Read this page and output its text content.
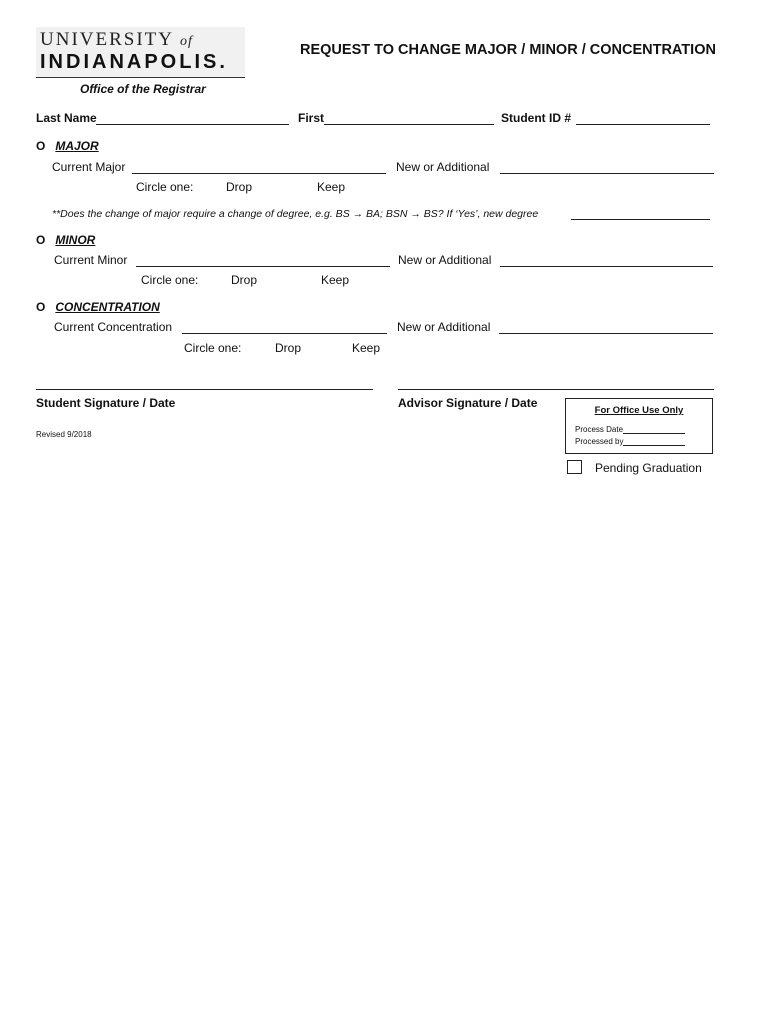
UNIVERSITY of
INDIANAPOLIS.
Office of the Registrar
REQUEST TO CHANGE MAJOR / MINOR / CONCENTRATION
Last Name	First	Student ID #
O MAJOR
Current Major	New or Additional
Circle one:	Drop	Keep
**Does the change of major require a change of degree, e.g. BS → BA; BSN → BS? If ‘Yes’, new degree
O MINOR
Current Minor	New or Additional
Circle one:	Drop	Keep
O CONCENTRATION
Current Concentration	New or Additional
Circle one:	Drop	Keep
Student Signature / Date	Advisor Signature / Date
Revised 9/2018
For Office Use Only
Process Date
Processed by
Pending Graduation
